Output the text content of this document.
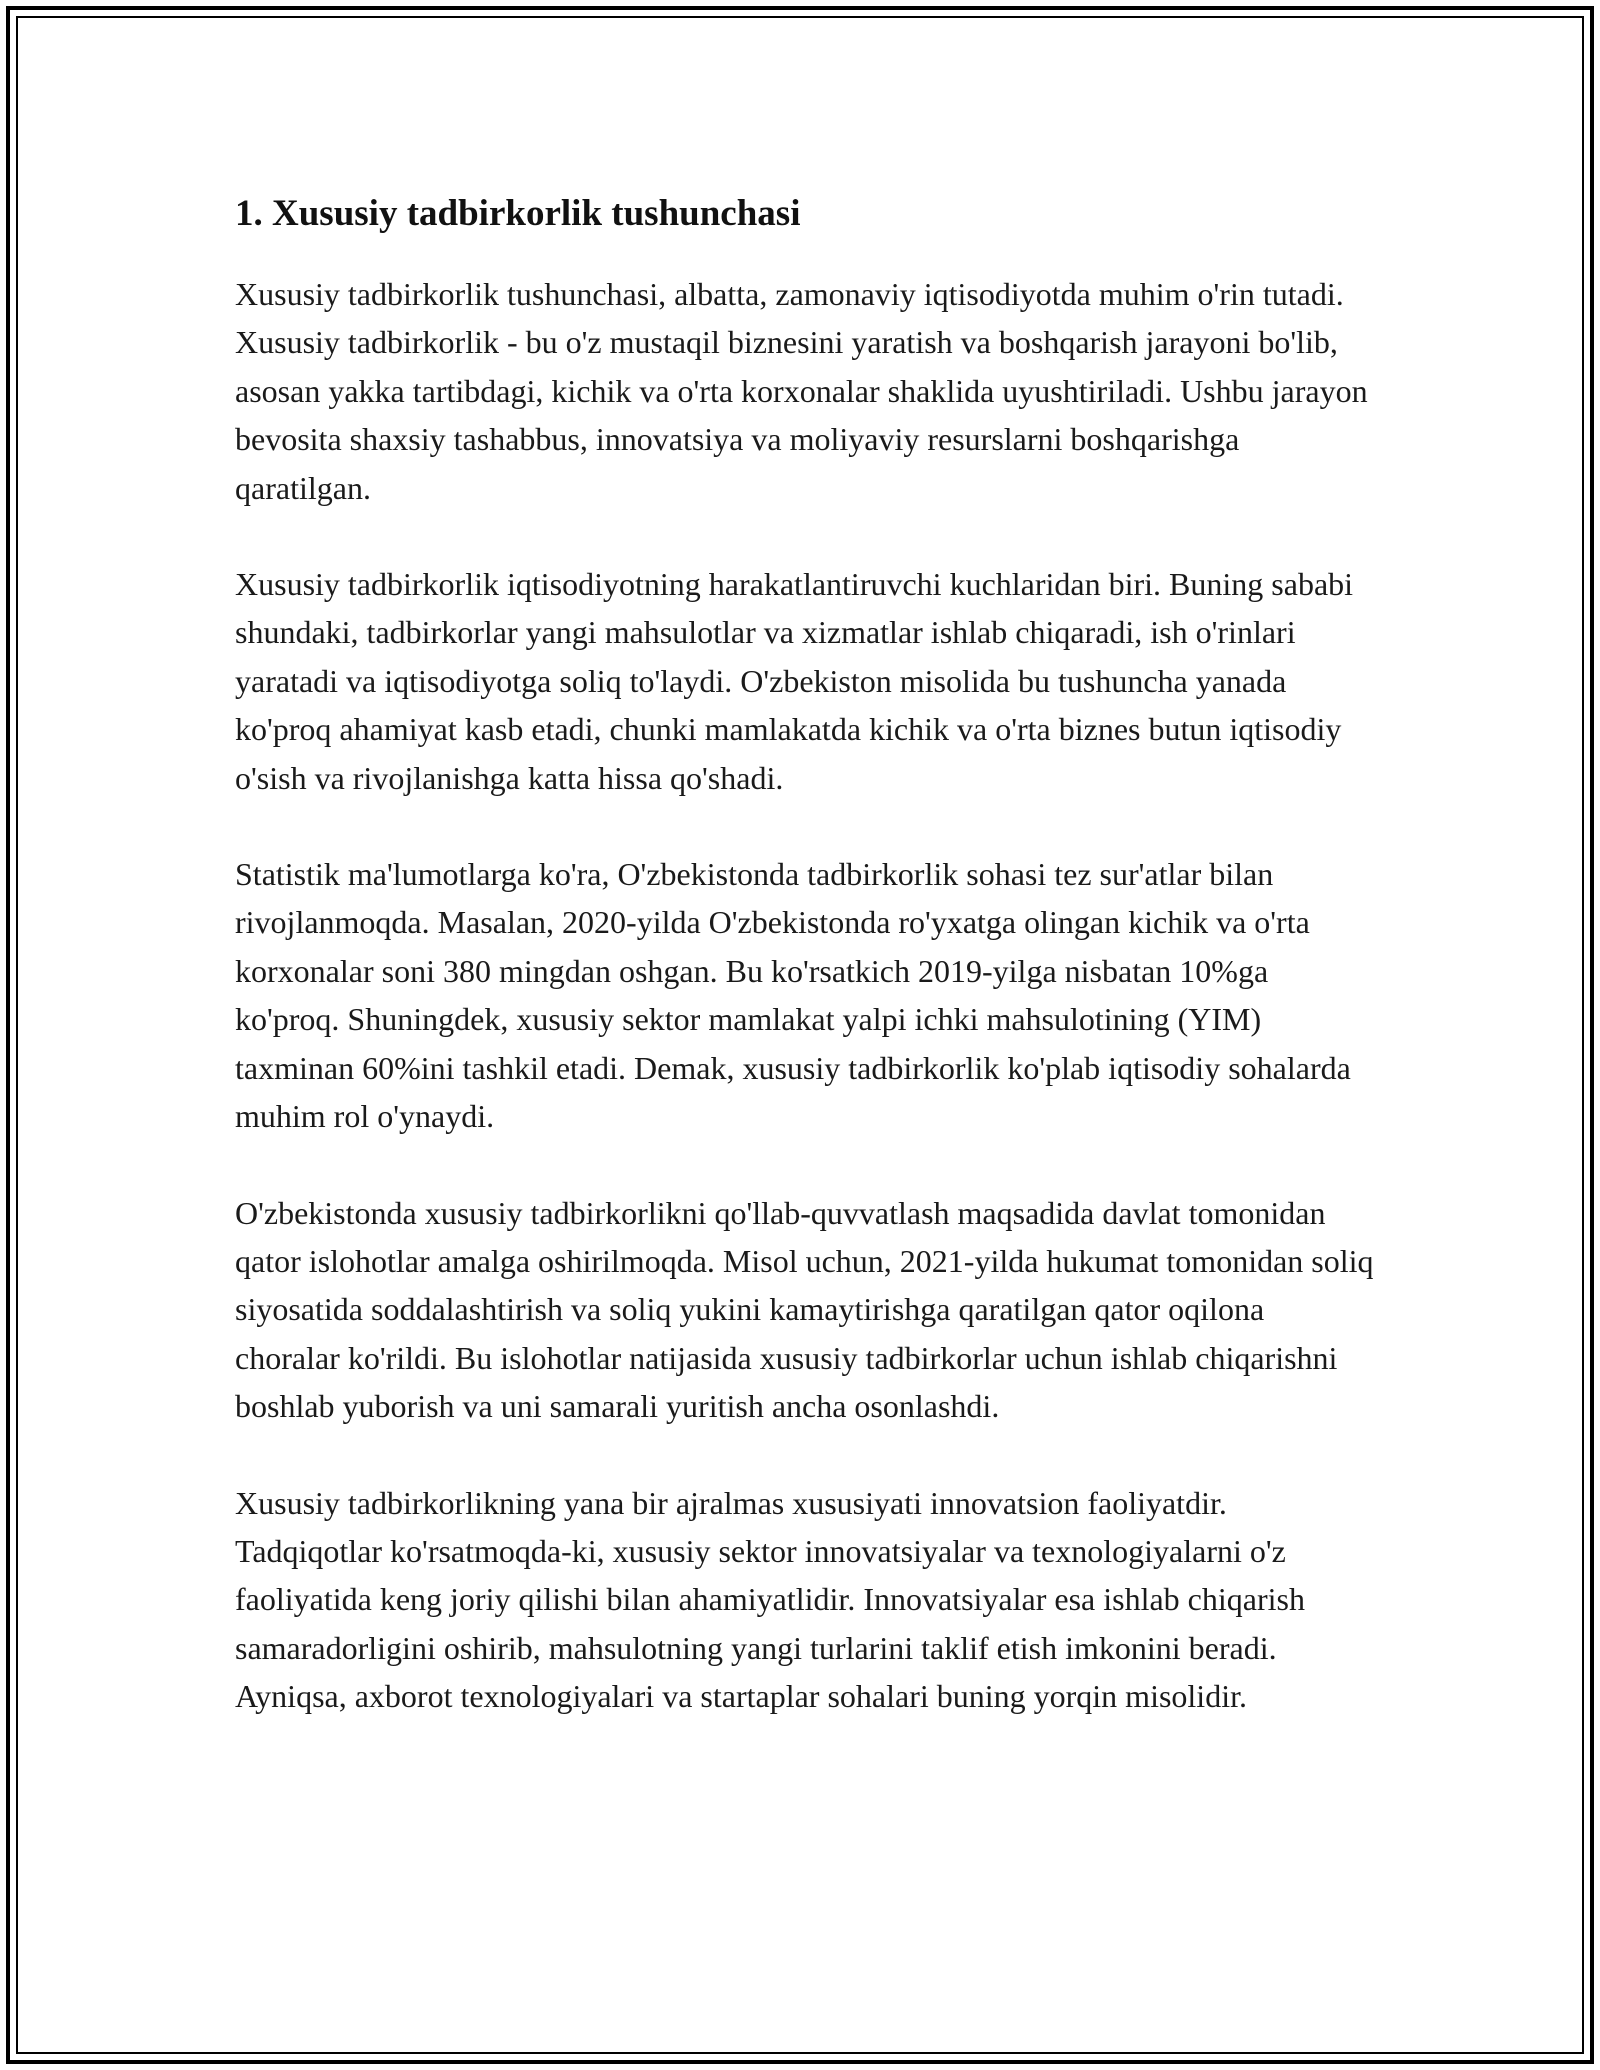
1. Xususiy tadbirkorlik tushunchasi

Xususiy tadbirkorlik tushunchasi, albatta, zamonaviy iqtisodiyotda muhim o'rin tutadi. Xususiy tadbirkorlik - bu o'z mustaqil biznesini yaratish va boshqarish jarayoni bo'lib, asosan yakka tartibdagi, kichik va o'rta korxonalar shaklida uyushtiriladi. Ushbu jarayon bevosita shaxsiy tashabbus, innovatsiya va moliyaviy resurslarni boshqarishga qaratilgan.

Xususiy tadbirkorlik iqtisodiyotning harakatlantiruvchi kuchlaridan biri. Buning sababi shundaki, tadbirkorlar yangi mahsulotlar va xizmatlar ishlab chiqaradi, ish o'rinlari yaratadi va iqtisodiyotga soliq to'laydi. O'zbekiston misolida bu tushuncha yanada ko'proq ahamiyat kasb etadi, chunki mamlakatda kichik va o'rta biznes butun iqtisodiy o'sish va rivojlanishga katta hissa qo'shadi.

Statistik ma'lumotlarga ko'ra, O'zbekistonda tadbirkorlik sohasi tez sur'atlar bilan rivojlanmoqda. Masalan, 2020-yilda O'zbekistonda ro'yxatga olingan kichik va o'rta korxonalar soni 380 mingdan oshgan. Bu ko'rsatkich 2019-yilga nisbatan 10%ga ko'proq. Shuningdek, xususiy sektor mamlakat yalpi ichki mahsulotining (YIM) taxminan 60%ini tashkil etadi. Demak, xususiy tadbirkorlik ko'plab iqtisodiy sohalarda muhim rol o'ynaydi.

O'zbekistonda xususiy tadbirkorlikni qo'llab-quvvatlash maqsadida davlat tomonidan qator islohotlar amalga oshirilmoqda. Misol uchun, 2021-yilda hukumat tomonidan soliq siyosatida soddalashtirish va soliq yukini kamaytirishga qaratilgan qator oqilona choralar ko'rildi. Bu islohotlar natijasida xususiy tadbirkorlar uchun ishlab chiqarishni boshlab yuborish va uni samarali yuritish ancha osonlashdi.

Xususiy tadbirkorlikning yana bir ajralmas xususiyati innovatsion faoliyatdir. Tadqiqotlar ko'rsatmoqda-ki, xususiy sektor innovatsiyalar va texnologiyalarni o'z faoliyatida keng joriy qilishi bilan ahamiyatlidir. Innovatsiyalar esa ishlab chiqarish samaradorligini oshirib, mahsulotning yangi turlarini taklif etish imkonini beradi. Ayniqsa, axborot texnologiyalari va startaplar sohalari buning yorqin misolidir.
